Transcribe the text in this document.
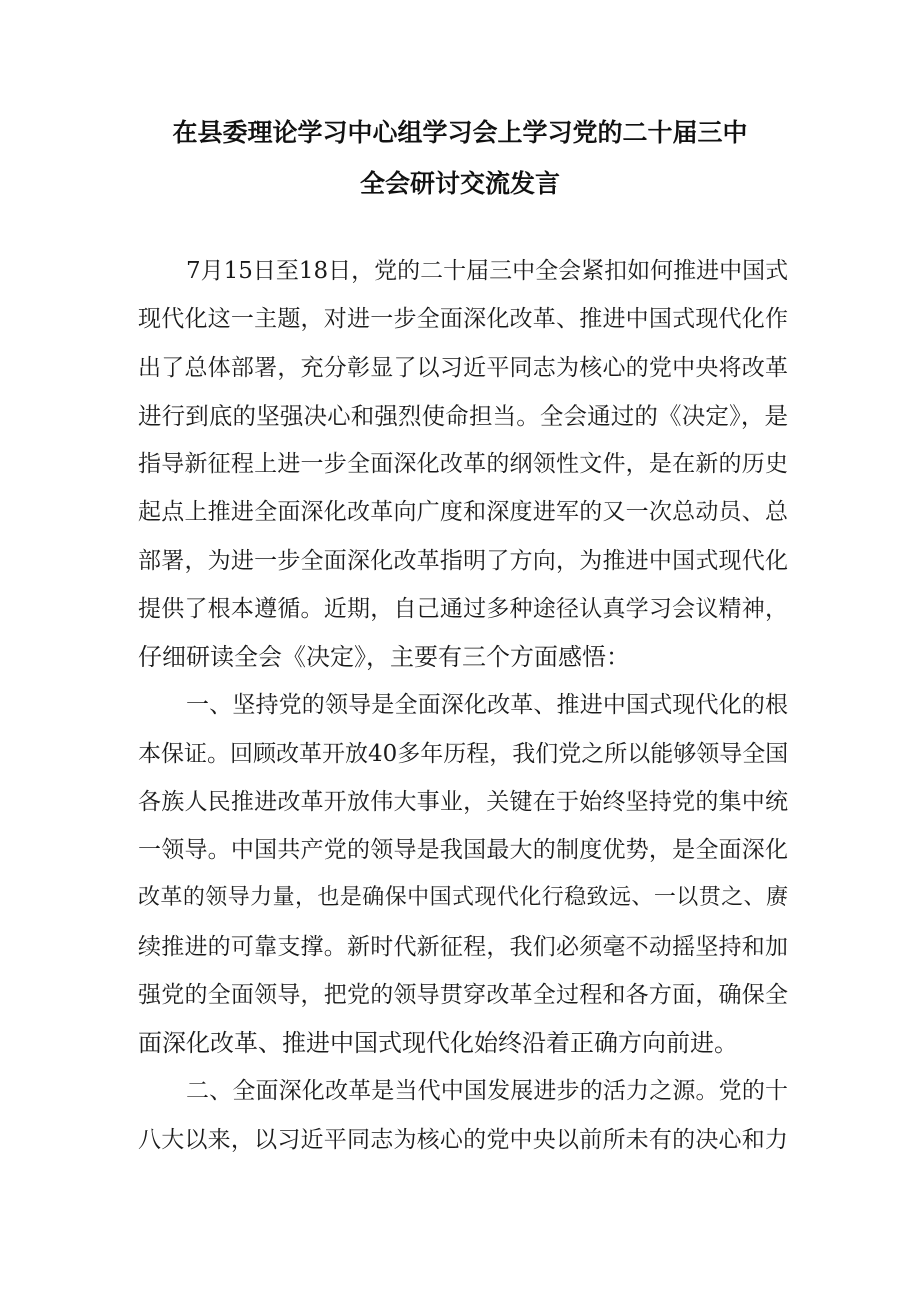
在县委理论学习中心组学习会上学习党的二十届三中
全会研讨交流发言
7月15日至18日，党的二十届三中全会紧扣如何推进中国式
现代化这一主题，对进一步全面深化改革、推进中国式现代化作
出了总体部署，充分彰显了以习近平同志为核心的党中央将改革
进行到底的坚强决心和强烈使命担当。全会通过的《决定》，是
指导新征程上进一步全面深化改革的纲领性文件，是在新的历史
起点上推进全面深化改革向广度和深度进军的又一次总动员、总
部署，为进一步全面深化改革指明了方向，为推进中国式现代化
提供了根本遵循。近期，自己通过多种途径认真学习会议精神，
仔细研读全会《决定》，主要有三个方面感悟：
一、坚持党的领导是全面深化改革、推进中国式现代化的根
本保证。回顾改革开放40多年历程，我们党之所以能够领导全国
各族人民推进改革开放伟大事业，关键在于始终坚持党的集中统
一领导。中国共产党的领导是我国最大的制度优势，是全面深化
改革的领导力量，也是确保中国式现代化行稳致远、一以贯之、赓
续推进的可靠支撑。新时代新征程，我们必须毫不动摇坚持和加
强党的全面领导，把党的领导贯穿改革全过程和各方面，确保全
面深化改革、推进中国式现代化始终沿着正确方向前进。
二、全面深化改革是当代中国发展进步的活力之源。党的十
八大以来，以习近平同志为核心的党中央以前所未有的决心和力
